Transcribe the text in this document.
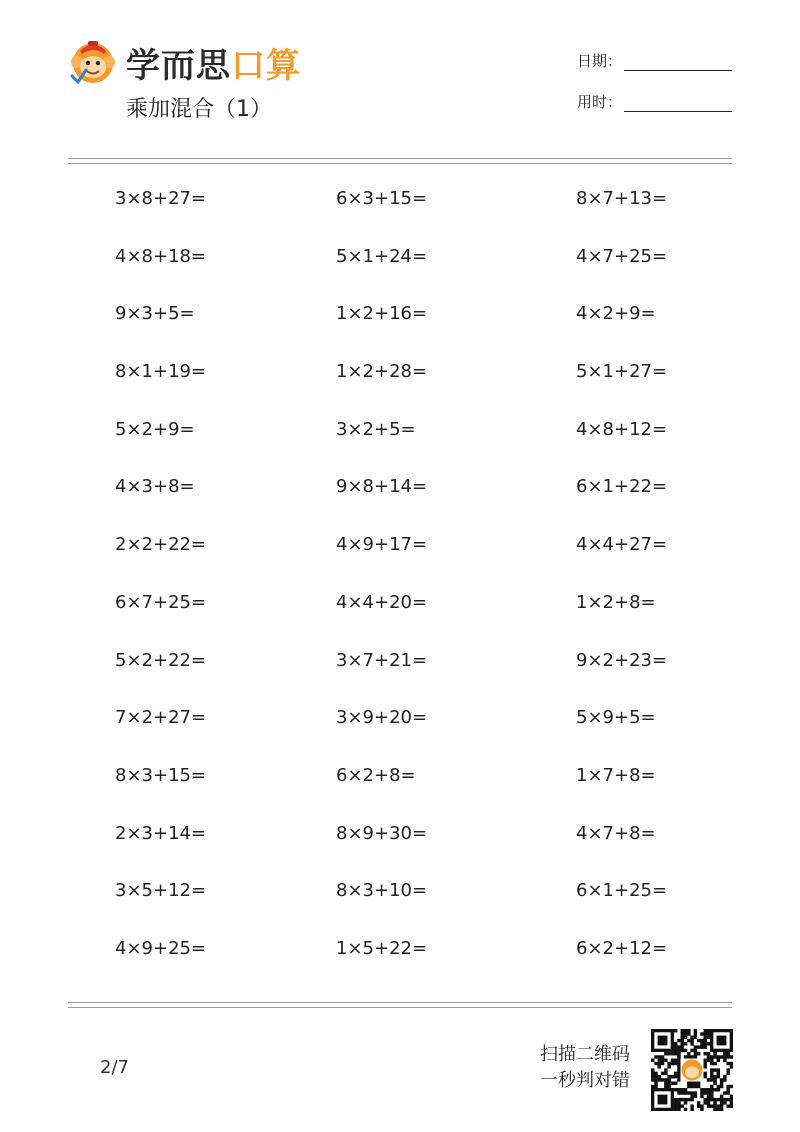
学而思 口算
乘加混合（1）
日期：
用时：
3×8+27=	6×3+15=	8×7+13=
4×8+18=	5×1+24=	4×7+25=
9×3+5=	1×2+16=	4×2+9=
8×1+19=	1×2+28=	5×1+27=
5×2+9=	3×2+5=	4×8+12=
4×3+8=	9×8+14=	6×1+22=
2×2+22=	4×9+17=	4×4+27=
6×7+25=	4×4+20=	1×2+8=
5×2+22=	3×7+21=	9×2+23=
7×2+27=	3×9+20=	5×9+5=
8×3+15=	6×2+8=	1×7+8=
2×3+14=	8×9+30=	4×7+8=
3×5+12=	8×3+10=	6×1+25=
4×9+25=	1×5+22=	6×2+12=
2/7
扫描二维码
一秒判对错
